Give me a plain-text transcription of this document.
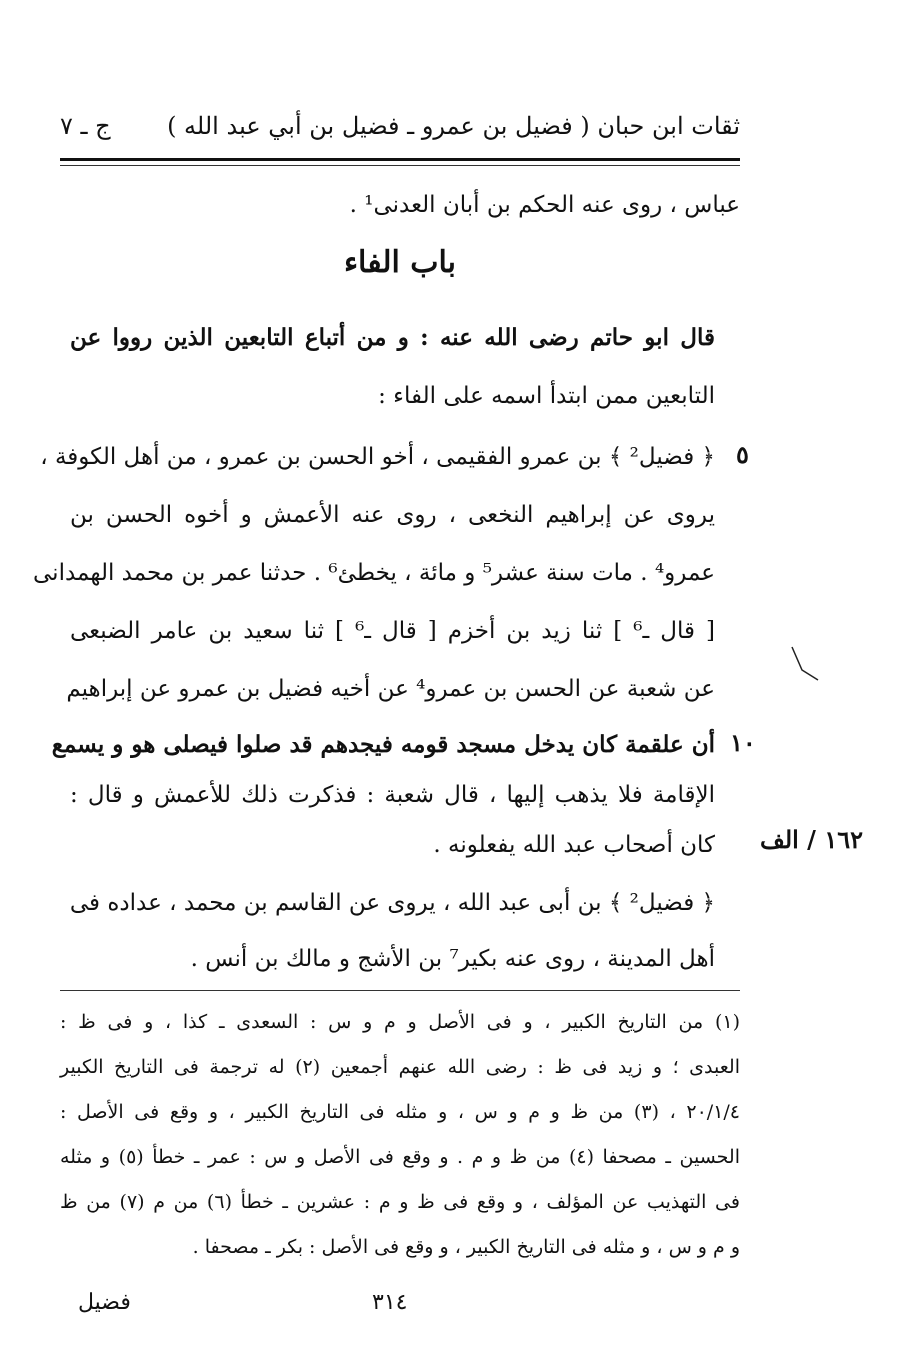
ثقات ابن حبان ( فضيل بن عمرو ـ فضيل بن أبي عبد الله )
ج ـ ٧
عباس ، روى عنه الحكم بن أبان العدنى¹ .
باب الفاء
قال ابو حاتم رضى الله عنه : و من أتباع التابعين الذين رووا عن
التابعين ممن ابتدأ اسمه على الفاء :
٥
﴿ فضيل² ﴾ بن عمرو الفقيمى ، أخو الحسن بن عمرو ، من أهل الكوفة ،
يروى عن إبراهيم النخعى ، روى عنه الأعمش و أخوه الحسن بن
عمرو⁴ . مات سنة عشر⁵ و مائة ، يخطئ⁶ . حدثنا عمر بن محمد الهمدانى
[ قال ـ⁶ ] ثنا زيد بن أخزم [ قال ـ⁶ ] ثنا سعيد بن عامر الضبعى
عن شعبة عن الحسن بن عمرو⁴ عن أخيه فضيل بن عمرو عن إبراهيم
١٠
أن علقمة كان يدخل مسجد قومه فيجدهم قد صلوا فيصلى هو و يسمع
الإقامة فلا يذهب إليها ، قال شعبة : فذكرت ذلك للأعمش و قال :
كان أصحاب عبد الله يفعلونه . ١٦٢ / الف
﴿ فضيل² ﴾ بن أبى عبد الله ، يروى عن القاسم بن محمد ، عداده فى
أهل المدينة ، روى عنه بكير⁷ بن الأشج و مالك بن أنس .
(١) من التاريخ الكبير ، و فى الأصل و م و س : السعدى ـ كذا ، و فى ظ :
العبدى ؛ و زيد فى ظ : رضى الله عنهم أجمعين (٢) له ترجمة فى التاريخ الكبير
٢٠/١/٤ ، (٣) من ظ و م و س ، و مثله فى التاريخ الكبير ، و وقع فى الأصل :
الحسين ـ مصحفا (٤) من ظ و م . و وقع فى الأصل و س : عمر ـ خطأ (٥) و مثله
فى التهذيب عن المؤلف ، و وقع فى ظ و م : عشرين ـ خطأ (٦) من م (٧) من ظ
و م و س ، و مثله فى التاريخ الكبير ، و وقع فى الأصل : بكر ـ مصحفا .
فضيل	٣١٤
